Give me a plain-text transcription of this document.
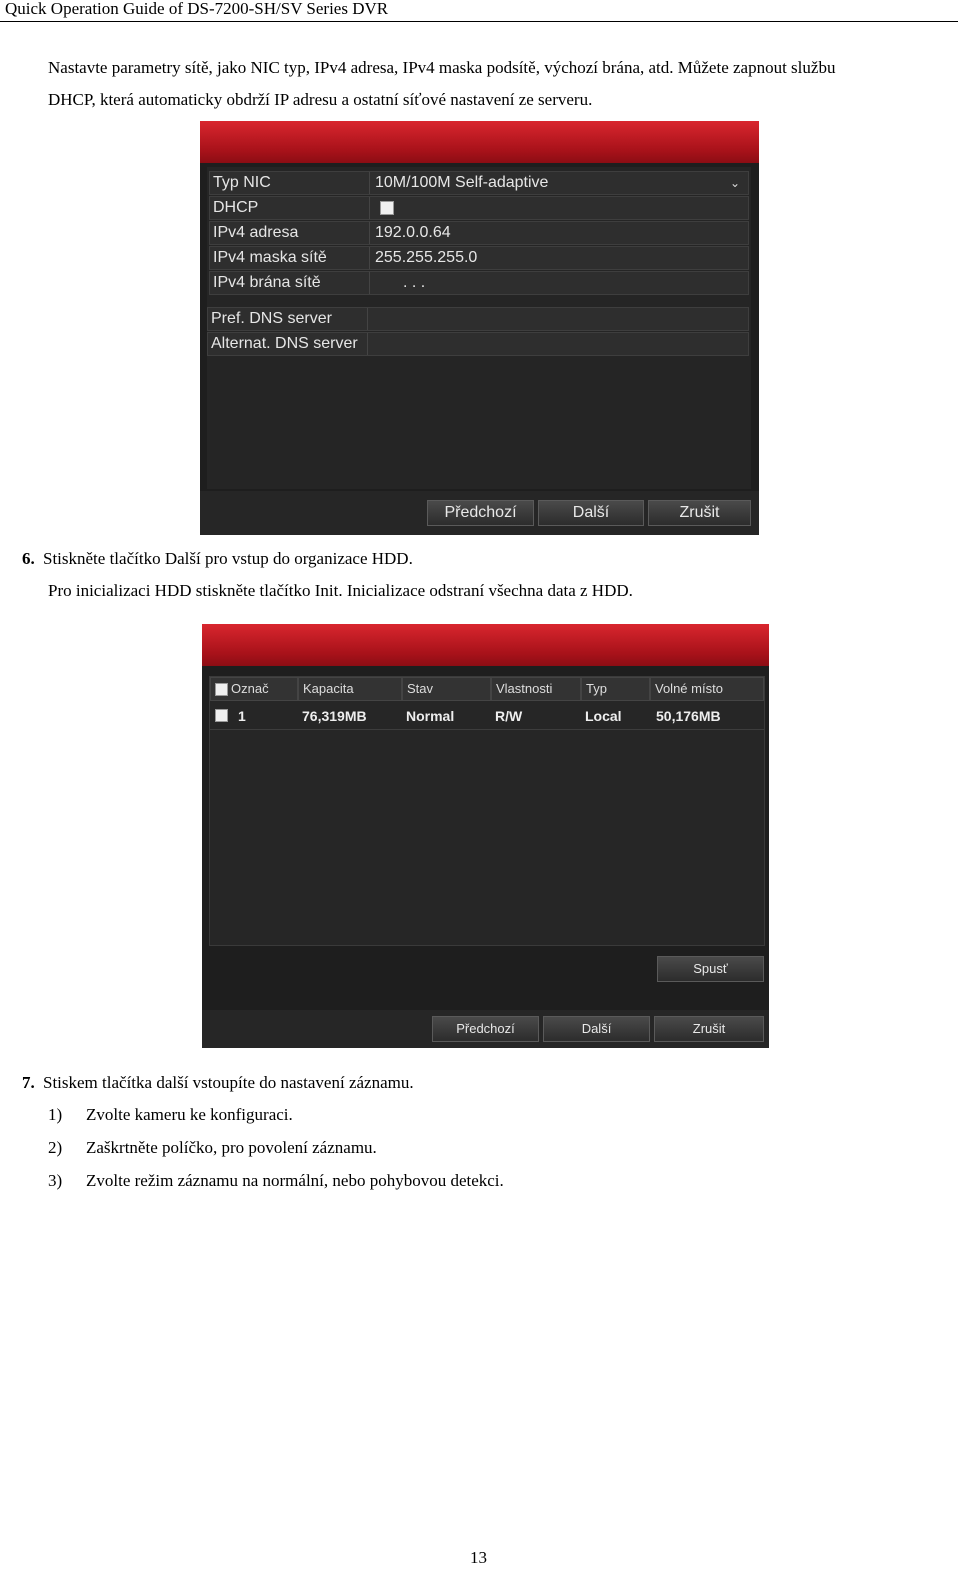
Quick Operation Guide of DS-7200-SH/SV Series DVR
Nastavte parametry sítě, jako NIC typ, IPv4 adresa, IPv4 maska podsítě, výchozí brána, atd. Můžete zapnout službu
DHCP, která automaticky obdrží IP adresu a ostatní síťové nastavení ze serveru.
Typ NIC	10M/100M Self-adaptive	⌄
DHCP
IPv4 adresa	192.0.0.64
IPv4 maska sítě	255.255.255.0
IPv4 brána sítě	. . .
Pref. DNS server
Alternat. DNS server
Předchozí	Další	Zrušit
6. Stiskněte tlačítko Další pro vstup do organizace HDD.
Pro inicializaci HDD stiskněte tlačítko Init. Inicializace odstraní všechna data z HDD.
Označ	Kapacita	Stav	Vlastnosti	Typ	Volné místo
1	76,319MB	Normal	R/W	Local 50,176MB
Spusť
Předchozí	Další	Zrušit
7. Stiskem tlačítka další vstoupíte do nastavení záznamu.
1) Zvolte kameru ke konfiguraci.
2) Zaškrtněte políčko, pro povolení záznamu.
3) Zvolte režim záznamu na normální, nebo pohybovou detekci.
13
